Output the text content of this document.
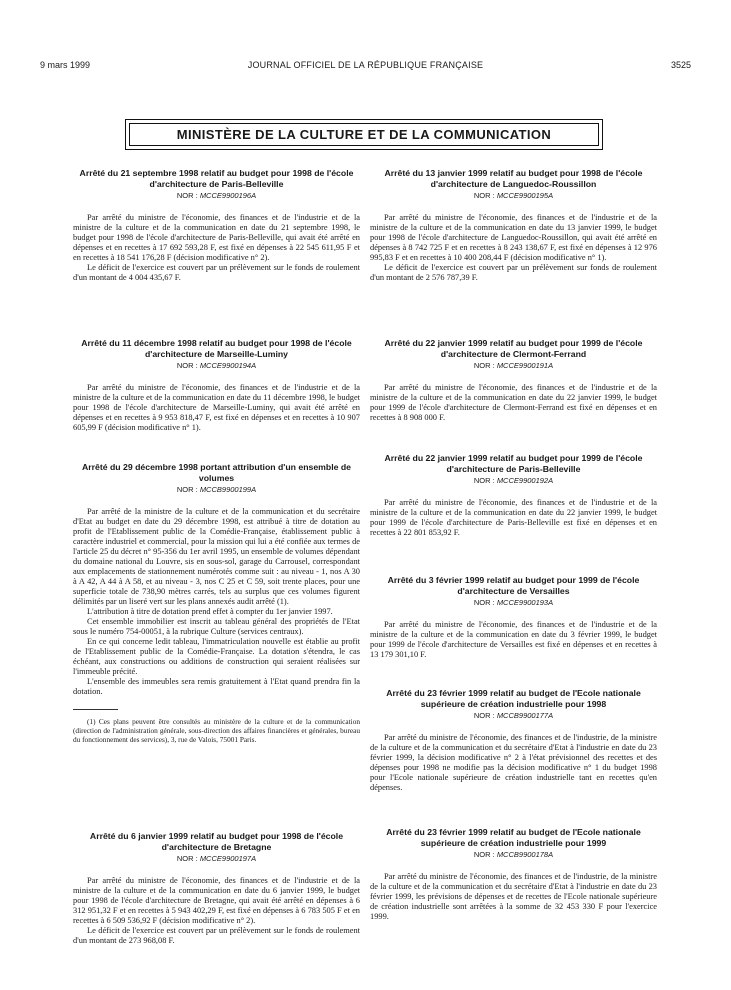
9 mars 1999	JOURNAL OFFICIEL DE LA RÉPUBLIQUE FRANÇAISE	3525
MINISTÈRE DE LA CULTURE ET DE LA COMMUNICATION
Arrêté du 21 septembre 1998 relatif au budget pour 1998 de l'école d'architecture de Paris-Belleville
NOR : MCCE9900196A

Par arrêté du ministre de l'économie, des finances et de l'industrie et de la ministre de la culture et de la communication en date du 21 septembre 1998, le budget pour 1998 de l'école d'architecture de Paris-Belleville, qui avait été arrêté en dépenses et en recettes à 17 692 593,28 F, est fixé en dépenses à 22 545 611,95 F et en recettes à 18 541 176,28 F (décision modificative n° 2).

Le déficit de l'exercice est couvert par un prélèvement sur le fonds de roulement d'un montant de 4 004 435,67 F.

Arrêté du 11 décembre 1998 relatif au budget pour 1998 de l'école d'architecture de Marseille-Luminy
NOR : MCCE9900194A

Par arrêté du ministre de l'économie, des finances et de l'industrie et de la ministre de la culture et de la communication en date du 11 décembre 1998, le budget pour 1998 de l'école d'architecture de Marseille-Luminy, qui avait été arrêté en dépenses et en recettes à 9 953 818,47 F, est fixé en dépenses et en recettes à 10 907 605,99 F (décision modificative n° 1).

Arrêté du 29 décembre 1998 portant attribution d'un ensemble de volumes
NOR : MCCB9900199A

Par arrêté de la ministre de la culture et de la communication et du secrétaire d'Etat au budget en date du 29 décembre 1998, est attribué à titre de dotation au profit de l'Etablissement public de la Comédie-Française, établissement public à caractère industriel et commercial, pour la mission qui lui a été confiée aux termes de l'article 25 du décret n° 95-356 du 1er avril 1995, un ensemble de volumes dépendant du domaine national du Louvre, sis en sous-sol, garage du Carrousel, correspondant aux emplacements de stationnement numérotés comme suit : au niveau - 1, nos A 30 à A 42, A 44 à A 58, et au niveau - 3, nos C 25 et C 59, soit trente places, pour une superficie totale de 738,90 mètres carrés, tels au surplus que ces volumes figurent délimités par un liseré vert sur les plans annexés audit arrêté (1).

L'attribution à titre de dotation prend effet à compter du 1er janvier 1997.

Cet ensemble immobilier est inscrit au tableau général des propriétés de l'Etat sous le numéro 754-00051, à la rubrique Culture (services centraux).

En ce qui concerne ledit tableau, l'immatriculation nouvelle est établie au profit de l'Etablissement public de la Comédie-Française. La dotation s'étendra, le cas échéant, aux constructions ou additions de construction qui seraient réalisées sur l'immeuble précité.

L'ensemble des immeubles sera remis gratuitement à l'Etat quand prendra fin la dotation.

(1) Ces plans peuvent être consultés au ministère de la culture et de la communication (direction de l'administration générale, sous-direction des affaires financières et générales, bureau du fonctionnement des services), 3, rue de Valois, 75001 Paris.

Arrêté du 6 janvier 1999 relatif au budget pour 1998 de l'école d'architecture de Bretagne
NOR : MCCE9900197A

Par arrêté du ministre de l'économie, des finances et de l'industrie et de la ministre de la culture et de la communication en date du 6 janvier 1999, le budget pour 1998 de l'école d'architecture de Bretagne, qui avait été arrêté en dépenses à 6 312 951,32 F et en recettes à 5 943 402,29 F, est fixé en dépenses à 6 783 505 F et en recettes à 6 509 536,92 F (décision modificative n° 2).

Le déficit de l'exercice est couvert par un prélèvement sur le fonds de roulement d'un montant de 273 968,08 F.

Arrêté du 13 janvier 1999 relatif au budget pour 1998 de l'école d'architecture de Languedoc-Roussillon
NOR : MCCE9900195A

Par arrêté du ministre de l'économie, des finances et de l'industrie et de la ministre de la culture et de la communication en date du 13 janvier 1999, le budget pour 1998 de l'école d'architecture de Languedoc-Roussillon, qui avait été arrêté en dépenses à 8 742 725 F et en recettes à 8 243 138,67 F, est fixé en dépenses à 12 976 995,83 F et en recettes à 10 400 208,44 F (décision modificative n° 1).

Le déficit de l'exercice est couvert par un prélèvement sur fonds de roulement d'un montant de 2 576 787,39 F.

Arrêté du 22 janvier 1999 relatif au budget pour 1999 de l'école d'architecture de Clermont-Ferrand
NOR : MCCE9900191A

Par arrêté du ministre de l'économie, des finances et de l'industrie et de la ministre de la culture et de la communication en date du 22 janvier 1999, le budget pour 1999 de l'école d'architecture de Clermont-Ferrand est fixé en dépenses et en recettes à 8 908 000 F.

Arrêté du 22 janvier 1999 relatif au budget pour 1999 de l'école d'architecture de Paris-Belleville
NOR : MCCE9900192A

Par arrêté du ministre de l'économie, des finances et de l'industrie et de la ministre de la culture et de la communication en date du 22 janvier 1999, le budget pour 1999 de l'école d'architecture de Paris-Belleville est fixé en dépenses et en recettes à 22 801 853,92 F.

Arrêté du 3 février 1999 relatif au budget pour 1999 de l'école d'architecture de Versailles
NOR : MCCE9900193A

Par arrêté du ministre de l'économie, des finances et de l'industrie et de la ministre de la culture et de la communication en date du 3 février 1999, le budget pour 1999 de l'école d'architecture de Versailles est fixé en dépenses et en recettes à 13 179 301,10 F.

Arrêté du 23 février 1999 relatif au budget de l'Ecole nationale supérieure de création industrielle pour 1998
NOR : MCCB9900177A

Par arrêté du ministre de l'économie, des finances et de l'industrie, de la ministre de la culture et de la communication et du secrétaire d'Etat à l'industrie en date du 23 février 1999, la décision modificative n° 2 à l'état prévisionnel des recettes et des dépenses pour 1998 ne modifie pas la décision modificative n° 1 du budget 1998 pour l'Ecole nationale supérieure de création industrielle tant en recettes qu'en dépenses.

Arrêté du 23 février 1999 relatif au budget de l'Ecole nationale supérieure de création industrielle pour 1999
NOR : MCCB9900178A

Par arrêté du ministre de l'économie, des finances et de l'industrie, de la ministre de la culture et de la communication et du secrétaire d'Etat à l'industrie en date du 23 février 1999, les prévisions de dépenses et de recettes de l'Ecole nationale supérieure de création industrielle sont arrêtées à la somme de 32 453 330 F pour l'exercice 1999.
